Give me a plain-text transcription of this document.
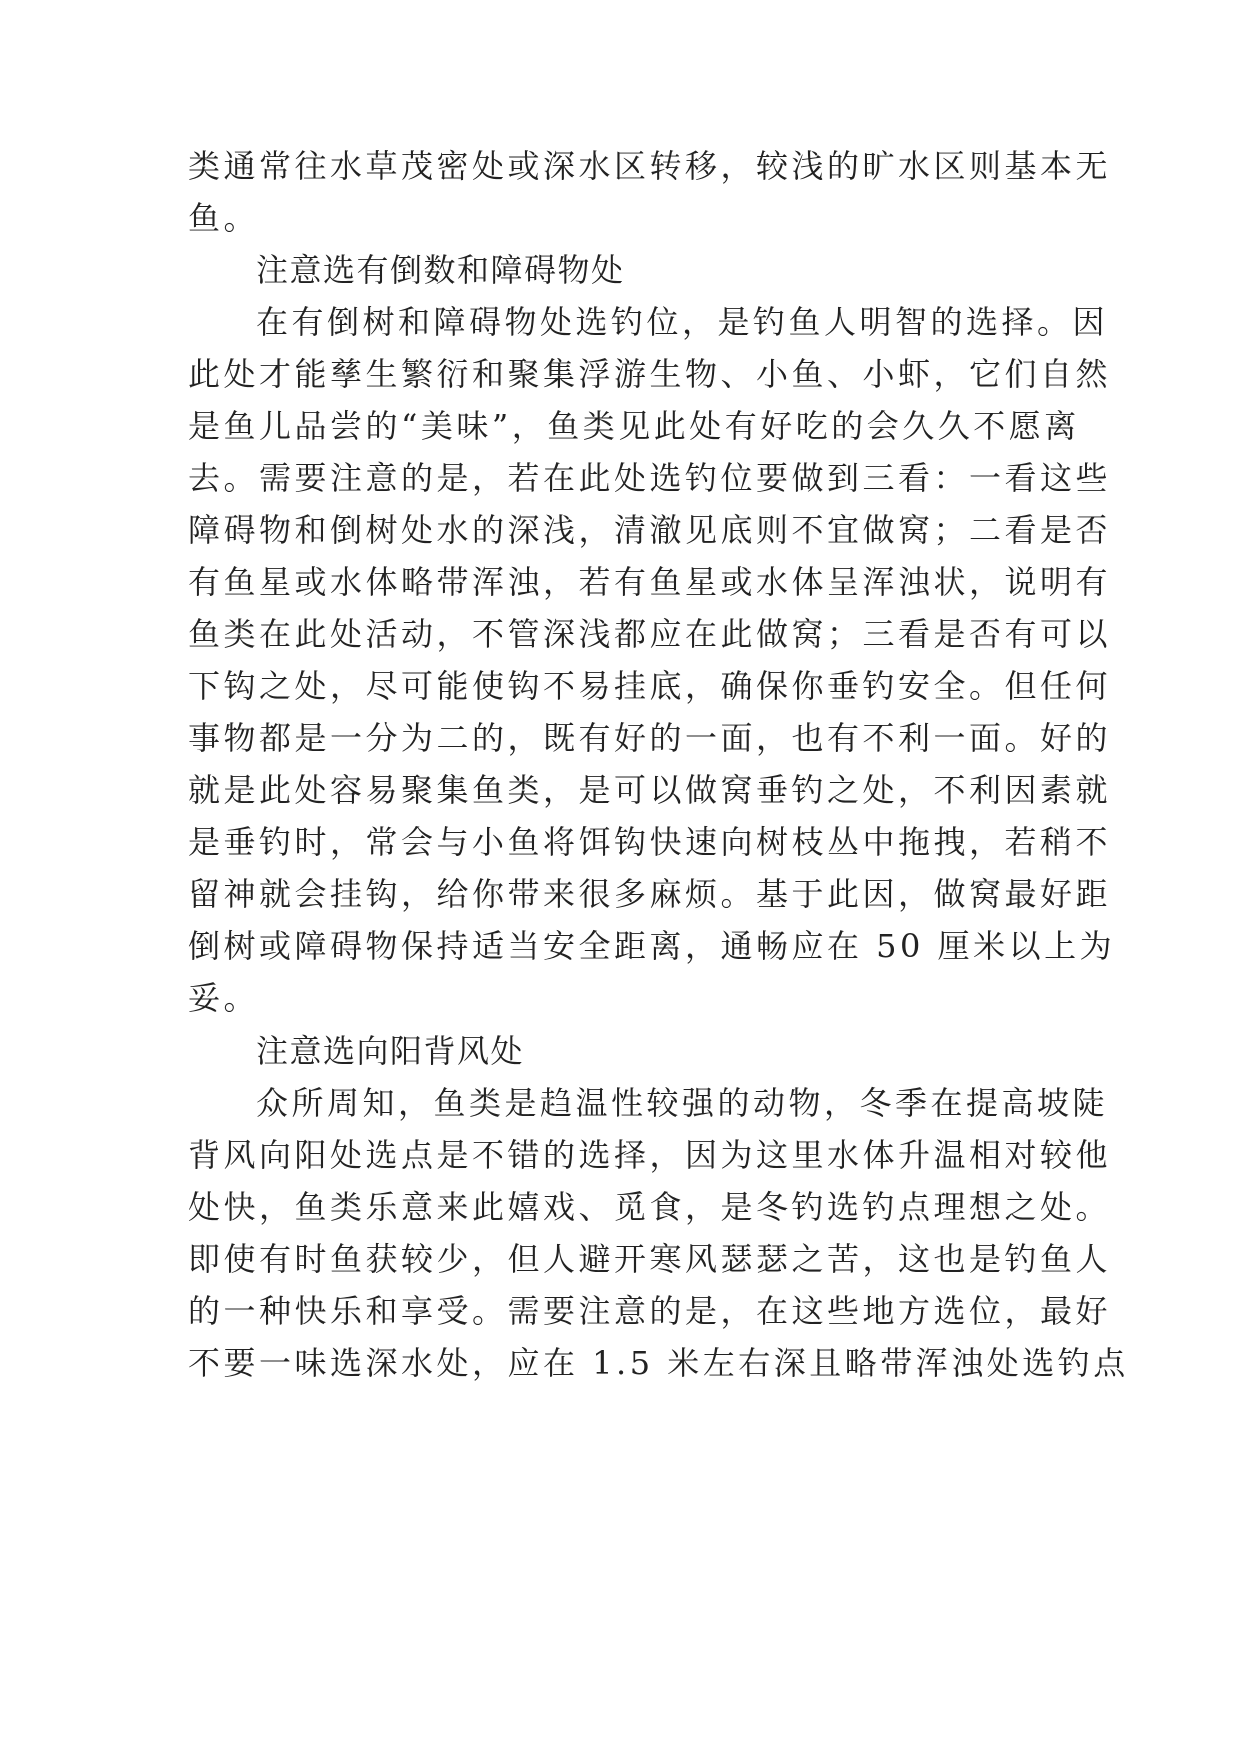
类通常往水草茂密处或深水区转移，较浅的旷水区则基本无
鱼。
注意选有倒数和障碍物处
在有倒树和障碍物处选钓位，是钓鱼人明智的选择。因
此处才能孳生繁衍和聚集浮游生物、小鱼、小虾，它们自然
是鱼儿品尝的“美味”，鱼类见此处有好吃的会久久不愿离
去。需要注意的是，若在此处选钓位要做到三看：一看这些
障碍物和倒树处水的深浅，清澈见底则不宜做窝；二看是否
有鱼星或水体略带浑浊，若有鱼星或水体呈浑浊状，说明有
鱼类在此处活动，不管深浅都应在此做窝；三看是否有可以
下钩之处，尽可能使钩不易挂底，确保你垂钓安全。但任何
事物都是一分为二的，既有好的一面，也有不利一面。好的
就是此处容易聚集鱼类，是可以做窝垂钓之处，不利因素就
是垂钓时，常会与小鱼将饵钩快速向树枝丛中拖拽，若稍不
留神就会挂钩，给你带来很多麻烦。基于此因，做窝最好距
倒树或障碍物保持适当安全距离，通畅应在 50 厘米以上为
妥。
注意选向阳背风处
众所周知，鱼类是趋温性较强的动物，冬季在提高坡陡
背风向阳处选点是不错的选择，因为这里水体升温相对较他
处快，鱼类乐意来此嬉戏、觅食，是冬钓选钓点理想之处。
即使有时鱼获较少，但人避开寒风瑟瑟之苦，这也是钓鱼人
的一种快乐和享受。需要注意的是，在这些地方选位，最好
不要一味选深水处，应在 1.5 米左右深且略带浑浊处选钓点
